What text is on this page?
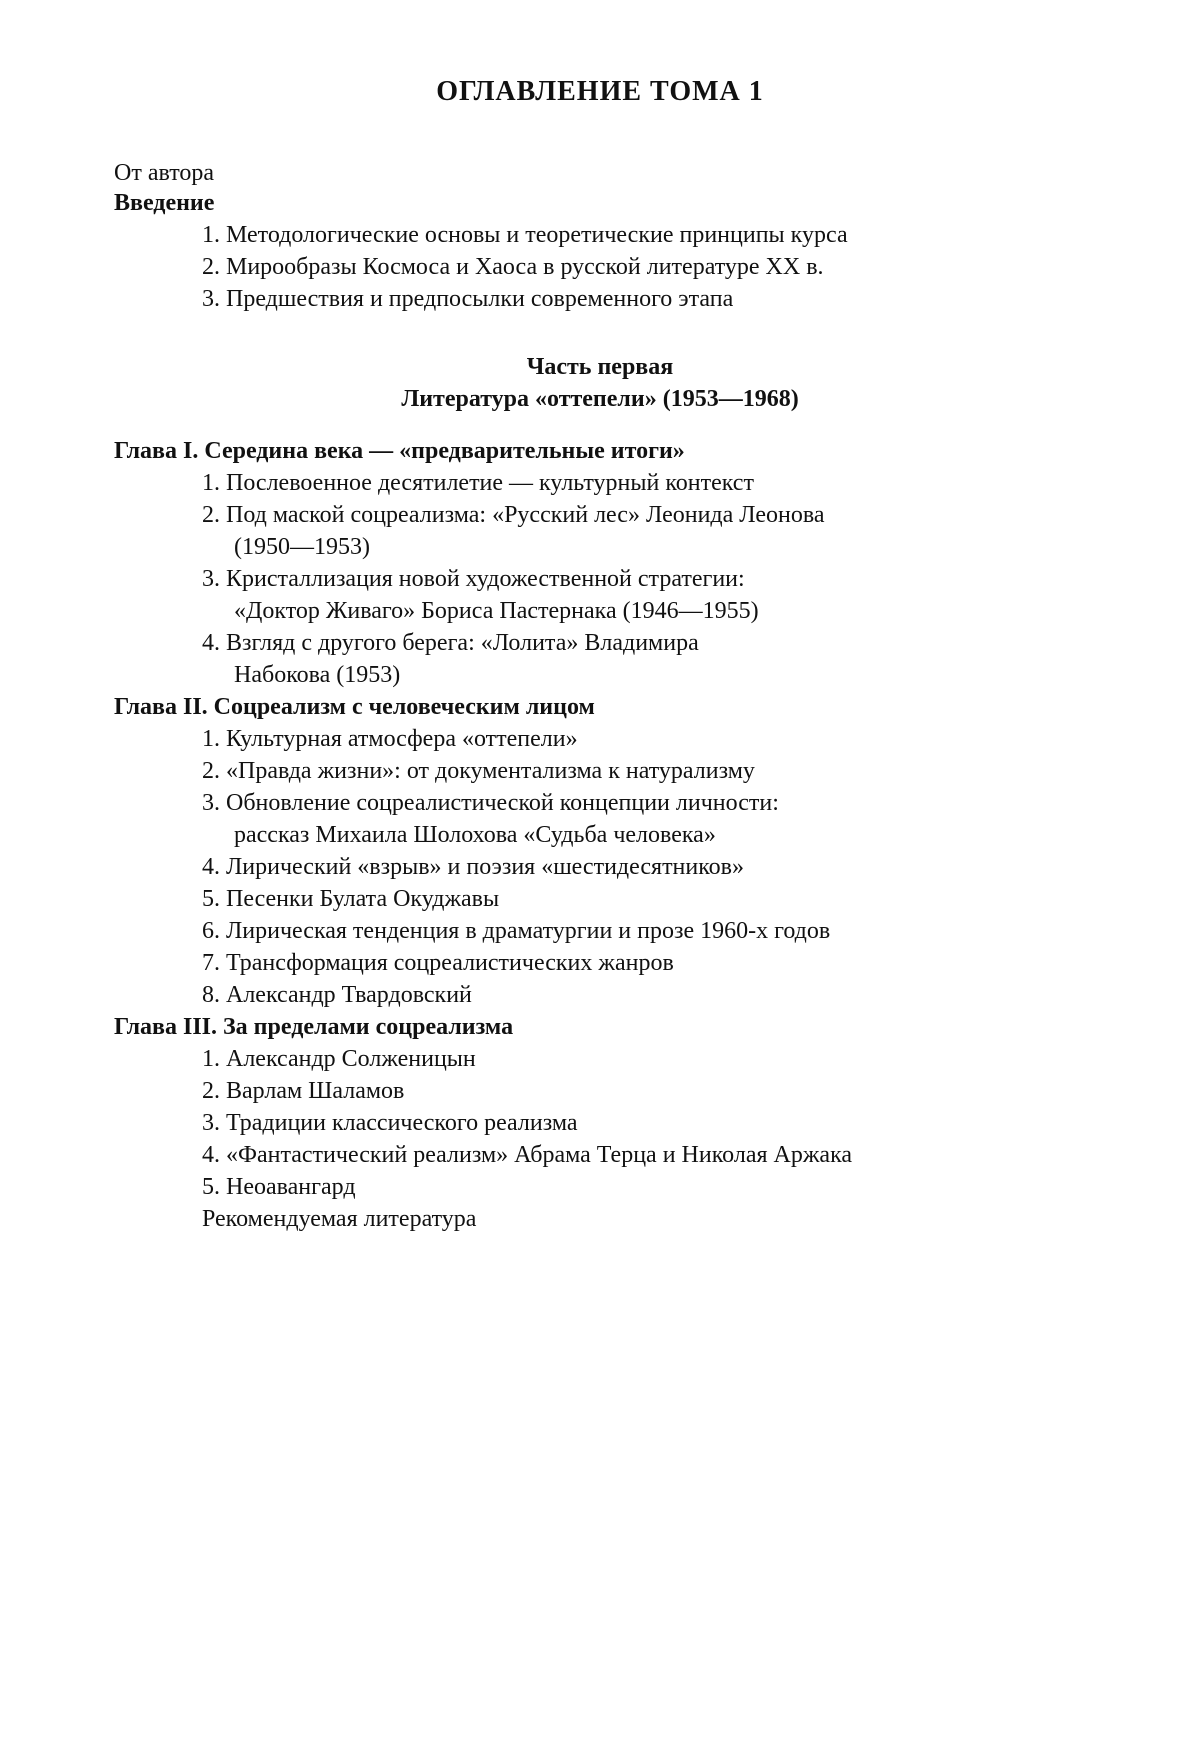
ОГЛАВЛЕНИЕ ТОМА 1
От автора
Введение
1. Методологические основы и теоретические принципы курса
2. Мирообразы Космоса и Хаоса в русской литературе XX в.
3. Предшествия и предпосылки современного этапа
Часть первая
Литература «оттепели» (1953—1968)
Глава I. Середина века — «предварительные итоги»
1. Послевоенное десятилетие — культурный контекст
2. Под маской соцреализма: «Русский лес» Леонида Леонова
(1950—1953)
3. Кристаллизация новой художественной стратегии:
«Доктор Живаго» Бориса Пастернака (1946—1955)
4. Взгляд с другого берега: «Лолита» Владимира
Набокова (1953)
Глава II. Соцреализм с человеческим лицом
1. Культурная атмосфера «оттепели»
2. «Правда жизни»: от документализма к натурализму
3. Обновление соцреалистической концепции личности:
рассказ Михаила Шолохова «Судьба человека»
4. Лирический «взрыв» и поэзия «шестидесятников»
5. Песенки Булата Окуджавы
6. Лирическая тенденция в драматургии и прозе 1960-х годов
7. Трансформация соцреалистических жанров
8. Александр Твардовский
Глава III. За пределами соцреализма
1. Александр Солженицын
2. Варлам Шаламов
3. Традиции классического реализма
4. «Фантастический реализм» Абрама Терца и Николая Аржака
5. Неоавангард
Рекомендуемая литература
